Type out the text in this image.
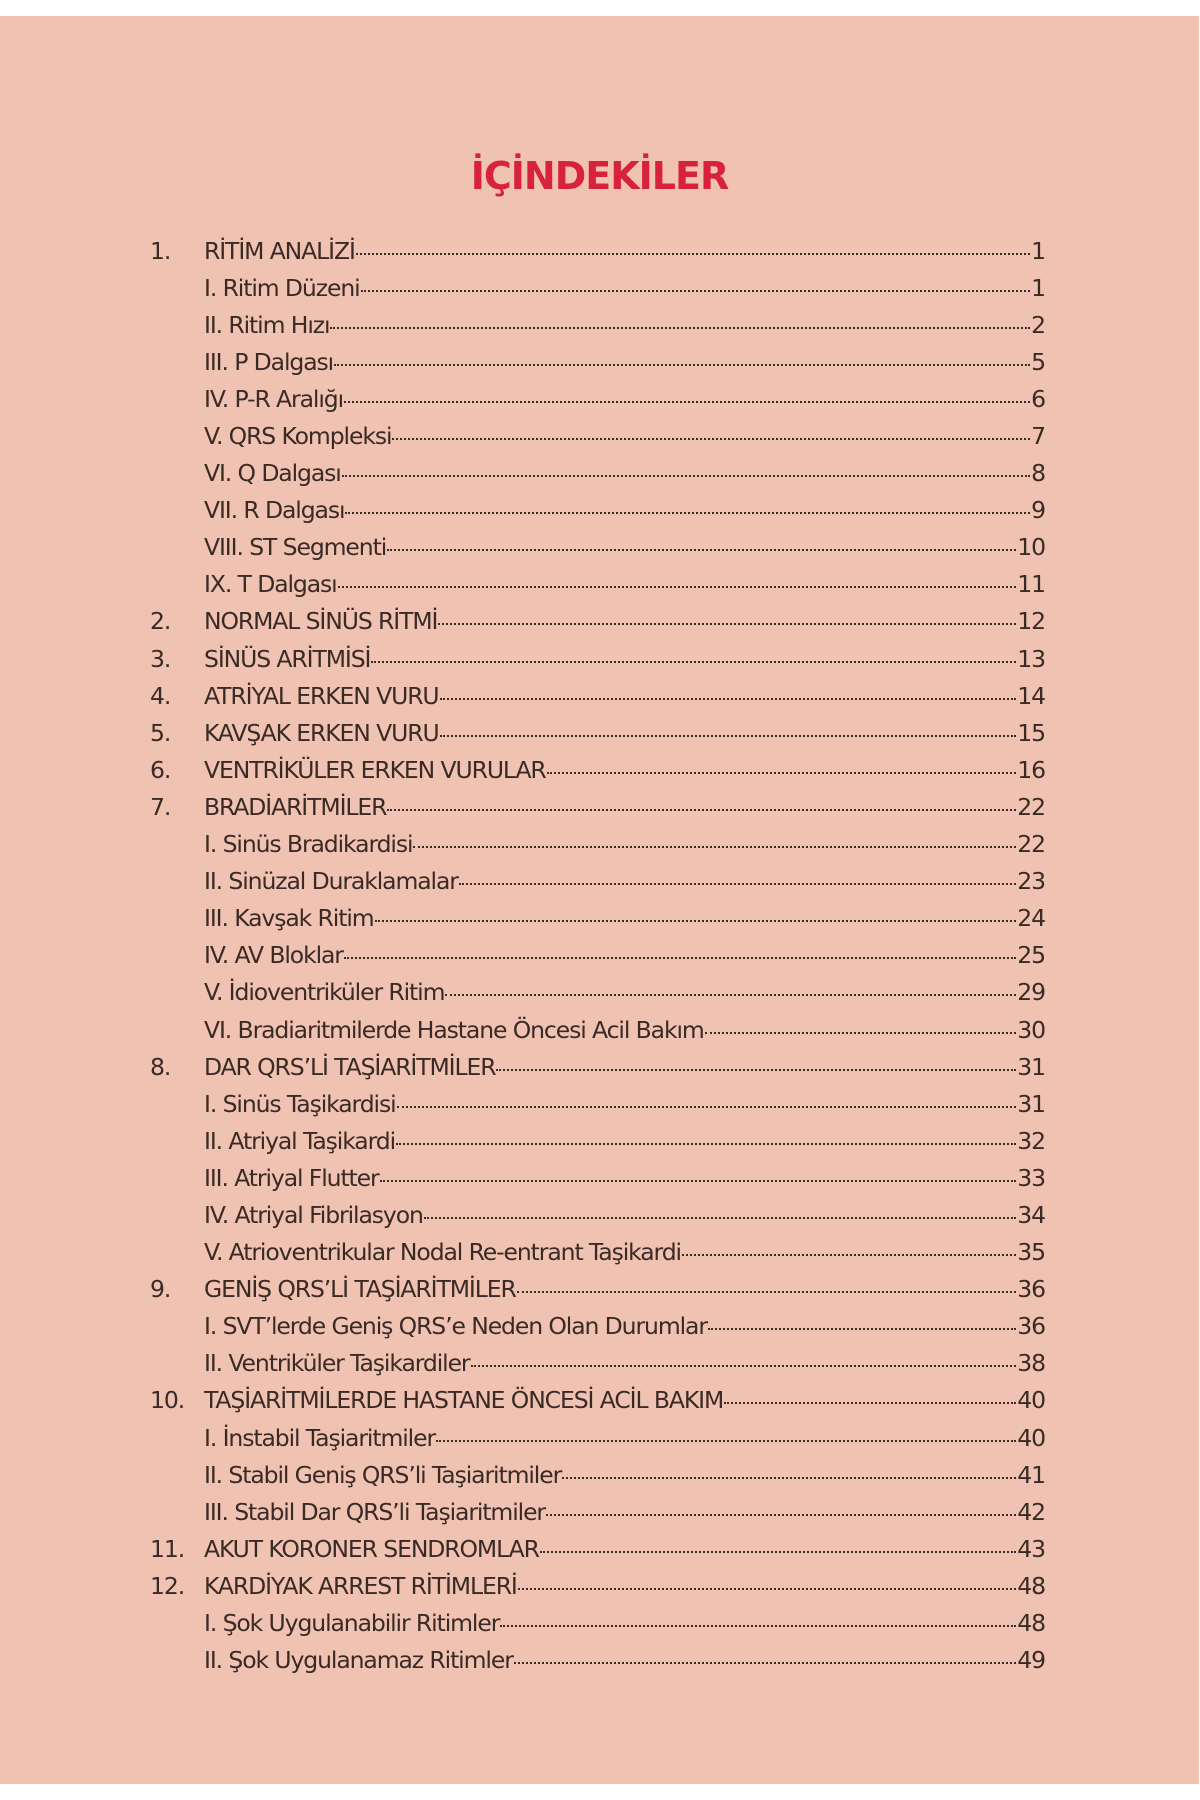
İÇİNDEKİLER
1.	RİTİM ANALİZİ	1
I. Ritim Düzeni	1
II. Ritim Hızı	2
III. P Dalgası	5
IV. P-R Aralığı	6
V. QRS Kompleksi	7
VI. Q Dalgası	8
VII. R Dalgası	9
VIII. ST Segmenti	10
IX. T Dalgası	11
2.	NORMAL SİNÜS RİTMİ	12
3.	SİNÜS ARİTMİSİ	13
4.	ATRİYAL ERKEN VURU	14
5.	KAVŞAK ERKEN VURU	15
6.	VENTRİKÜLER ERKEN VURULAR	16
7.	BRADİARİTMİLER	22
I. Sinüs Bradikardisi	22
II. Sinüzal Duraklamalar	23
III. Kavşak Ritim	24
IV. AV Bloklar	25
V. İdioventriküler Ritim	29
VI. Bradiaritmilerde Hastane Öncesi Acil Bakım	30
8.	DAR QRS’Lİ TAŞİARİTMİLER	31
I. Sinüs Taşikardisi	31
II. Atriyal Taşikardi	32
III. Atriyal Flutter	33
IV. Atriyal Fibrilasyon	34
V. Atrioventrikular Nodal Re-entrant Taşikardi	35
9.	GENİŞ QRS’Lİ TAŞİARİTMİLER	36
I. SVT’lerde Geniş QRS’e Neden Olan Durumlar	36
II. Ventriküler Taşikardiler	38
10. TAŞİARİTMİLERDE HASTANE ÖNCESİ ACİL BAKIM	40
I. İnstabil Taşiaritmiler	40
II. Stabil Geniş QRS’li Taşiaritmiler	41
III. Stabil Dar QRS’li Taşiaritmiler	42
11. AKUT KORONER SENDROMLAR	43
12. KARDİYAK ARREST RİTİMLERİ	48
I. Şok Uygulanabilir Ritimler	48
II. Şok Uygulanamaz Ritimler	49
